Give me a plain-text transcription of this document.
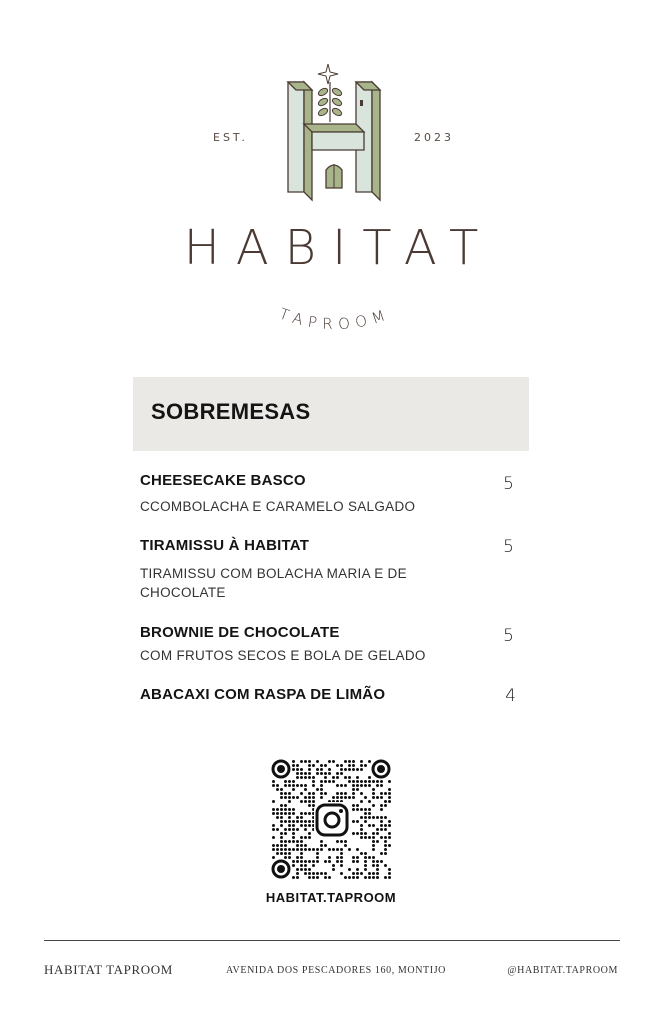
EST.	2023
HABITAT
TAPROOM
SOBREMESAS
CHEESECAKE BASCO
CCOMBOLACHA E CARAMELO SALGADO
5
TIRAMISSU À HABITAT
TIRAMISSU COM BOLACHA MARIA E DE CHOCOLATE
5
BROWNIE DE CHOCOLATE
COM FRUTOS SECOS E BOLA DE GELADO
5
ABACAXI COM RASPA DE LIMÃO	4
HABITAT.TAPROOM
HABITAT TAPROOM	AVENIDA DOS PESCADORES 160, MONTIJO	@HABITAT.TAPROOM
